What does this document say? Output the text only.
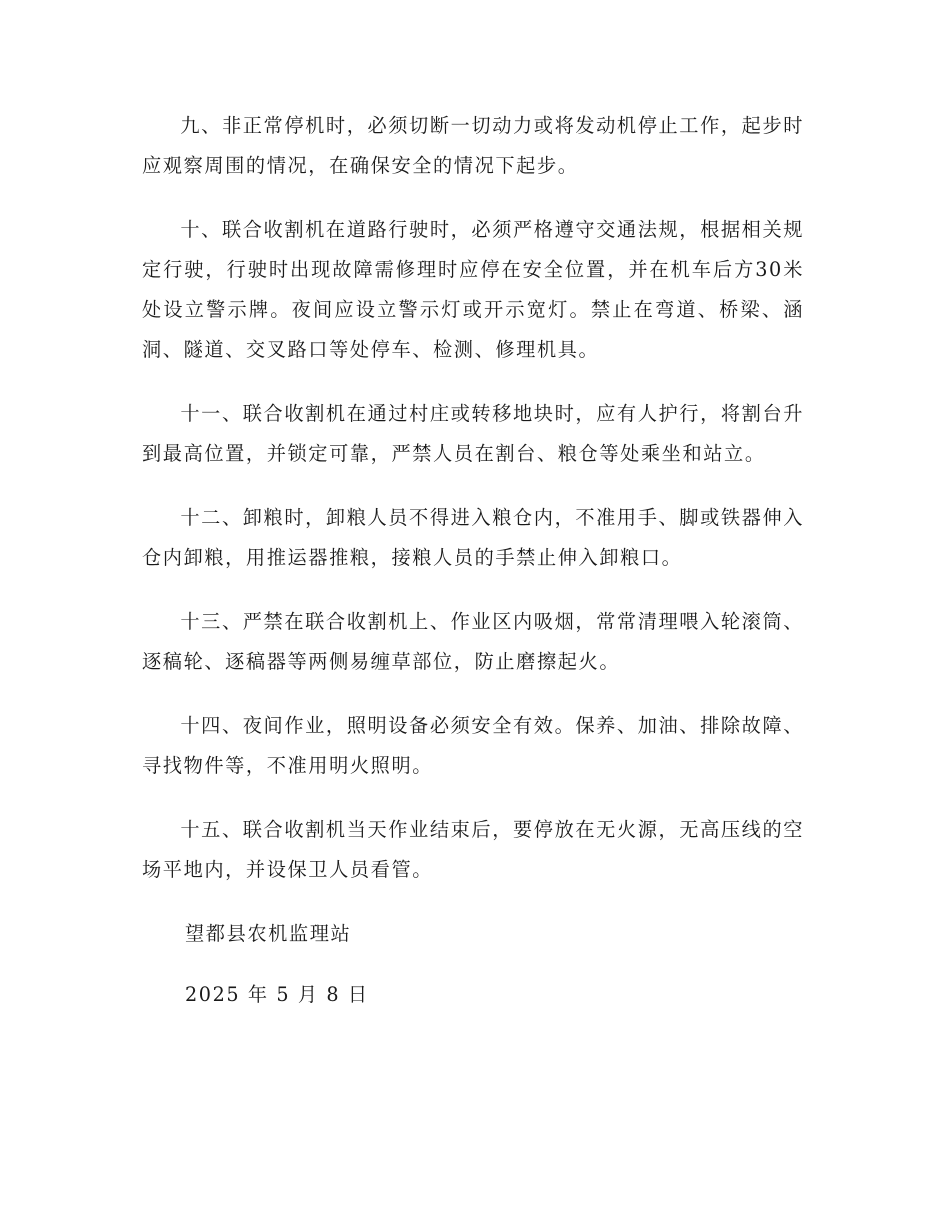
九、非正常停机时，必须切断一切动力或将发动机停止工作，起步时应观察周围的情况，在确保安全的情况下起步。

十、联合收割机在道路行驶时，必须严格遵守交通法规，根据相关规定行驶，行驶时出现故障需修理时应停在安全位置，并在机车后方30米处设立警示牌。夜间应设立警示灯或开示宽灯。禁止在弯道、桥梁、涵洞、隧道、交叉路口等处停车、检测、修理机具。

十一、联合收割机在通过村庄或转移地块时，应有人护行，将割台升到最高位置，并锁定可靠，严禁人员在割台、粮仓等处乘坐和站立。

十二、卸粮时，卸粮人员不得进入粮仓内，不准用手、脚或铁器伸入仓内卸粮，用推运器推粮，接粮人员的手禁止伸入卸粮口。

十三、严禁在联合收割机上、作业区内吸烟，常常清理喂入轮滚筒、逐稿轮、逐稿器等两侧易缠草部位，防止磨擦起火。

十四、夜间作业，照明设备必须安全有效。保养、加油、排除故障、寻找物件等，不准用明火照明。

十五、联合收割机当天作业结束后，要停放在无火源，无高压线的空场平地内，并设保卫人员看管。

望都县农机监理站

2025 年 5 月 8 日
